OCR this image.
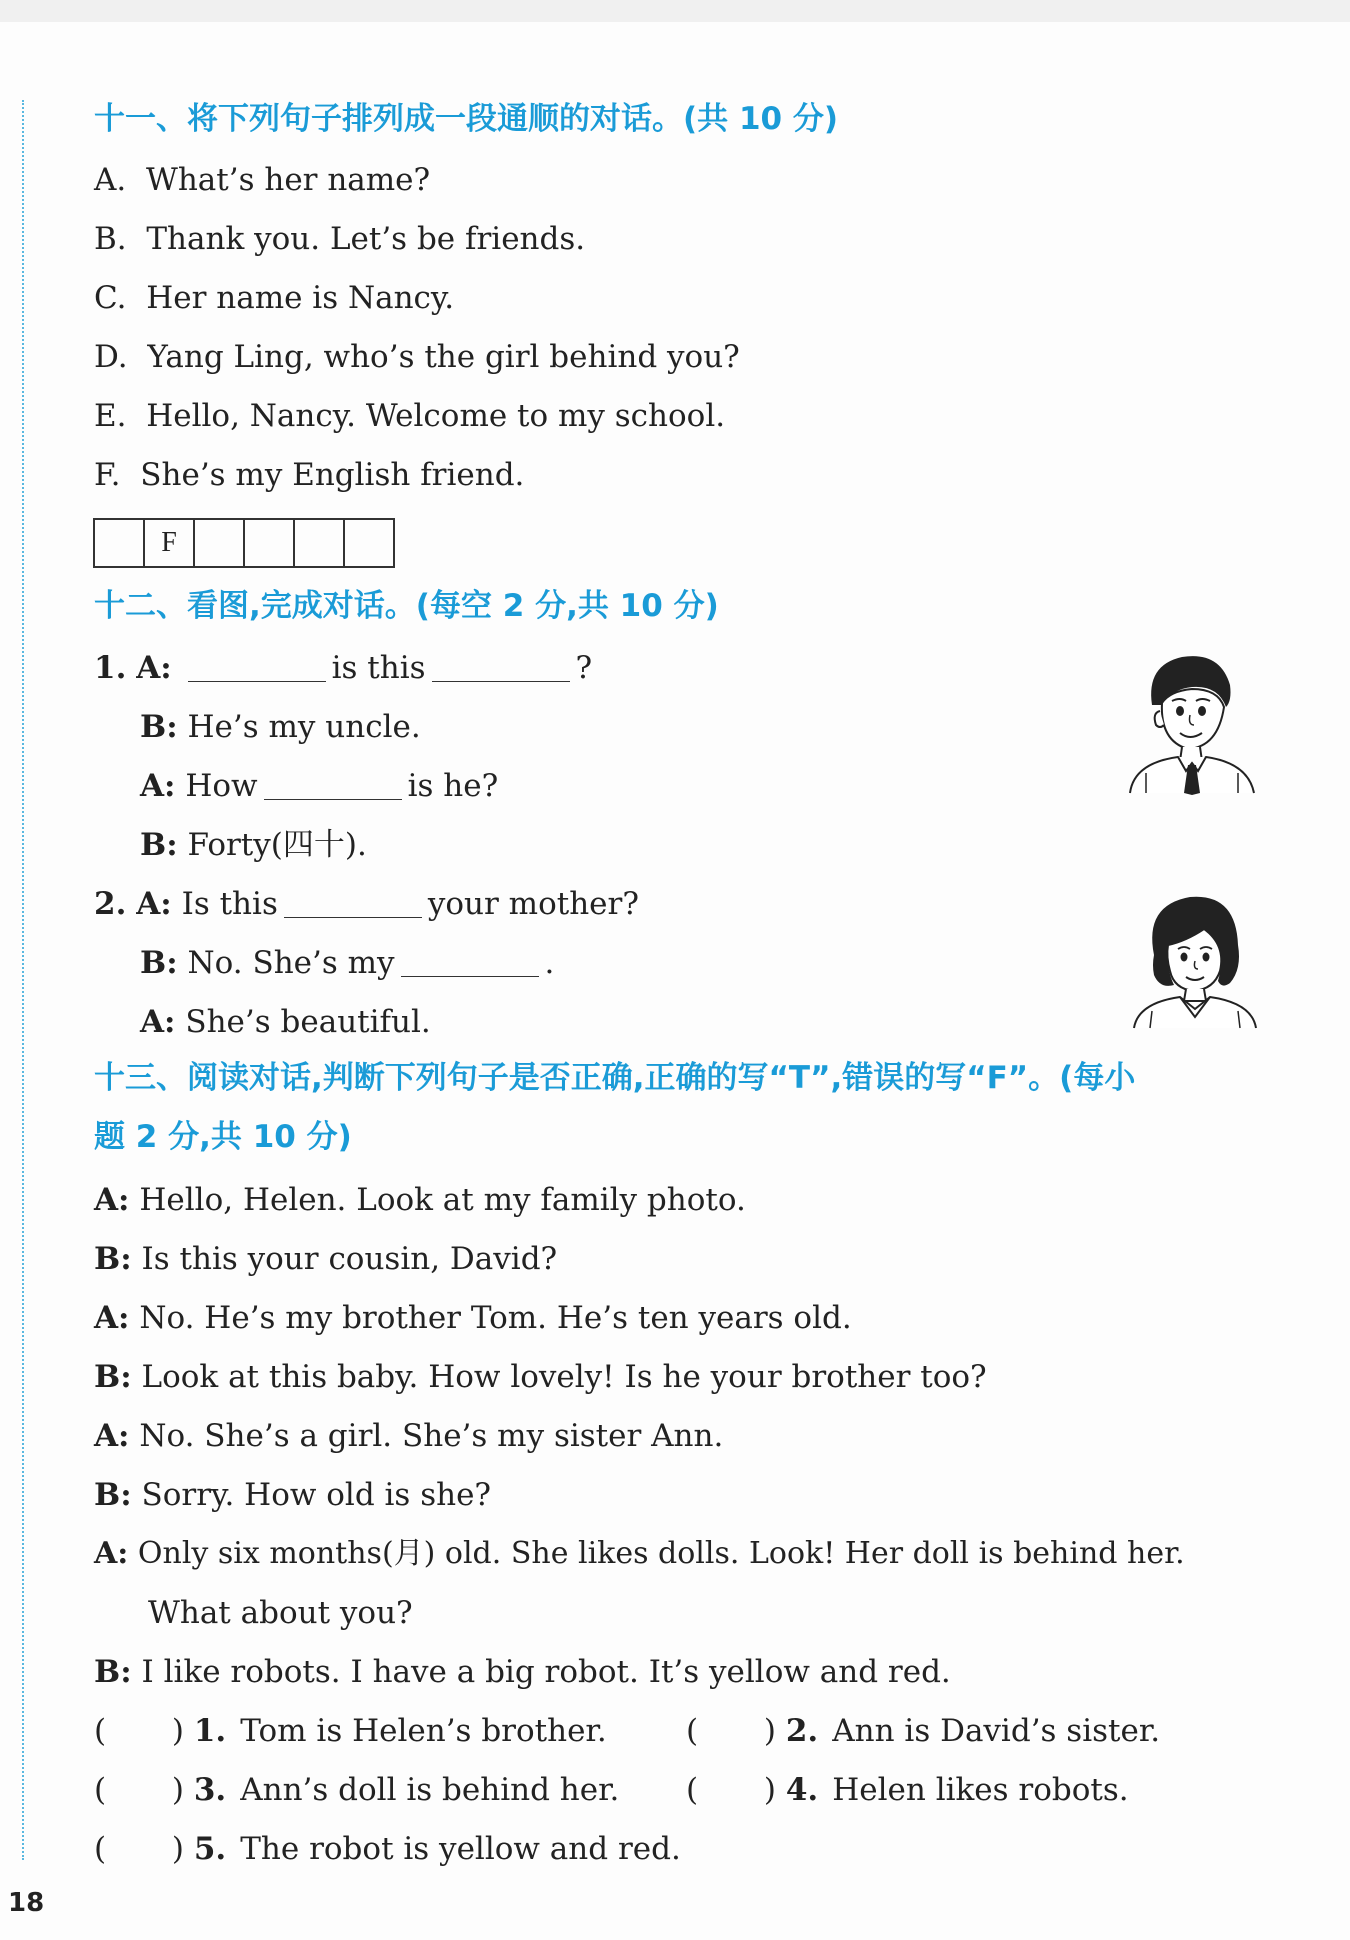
十一、将下列句子排列成一段通顺的对话。(共 10 分)
A. What’s her name?
B. Thank you. Let’s be friends.
C. Her name is Nancy.
D. Yang Ling, who’s the girl behind you?
E. Hello, Nancy. Welcome to my school.
F. She’s my English friend.
F
十二、看图,完成对话。(每空 2 分,共 10 分)
1. A:	is this	?
B: He’s my uncle.
A: How	is he?
B: Forty(四十).
2. A: Is this	your mother?
B: No. She’s my	.
A: She’s beautiful.
十三、阅读对话,判断下列句子是否正确,正确的写“T”,错误的写“F”。(每小
题 2 分,共 10 分)
A: Hello, Helen. Look at my family photo.
B: Is this your cousin, David?
A: No. He’s my brother Tom. He’s ten years old.
B: Look at this baby. How lovely! Is he your brother too?
A: No. She’s a girl. She’s my sister Ann.
B: Sorry. How old is she?
A: Only six months(月) old. She likes dolls. Look! Her doll is behind her.
What about you?
B: I like robots. I have a big robot. It’s yellow and red.
( ) 1. Tom is Helen’s brother.	( ) 2. Ann is David’s sister.
( ) 3. Ann’s doll is behind her. ( ) 4. Helen likes robots.
( ) 5. The robot is yellow and red.
18
